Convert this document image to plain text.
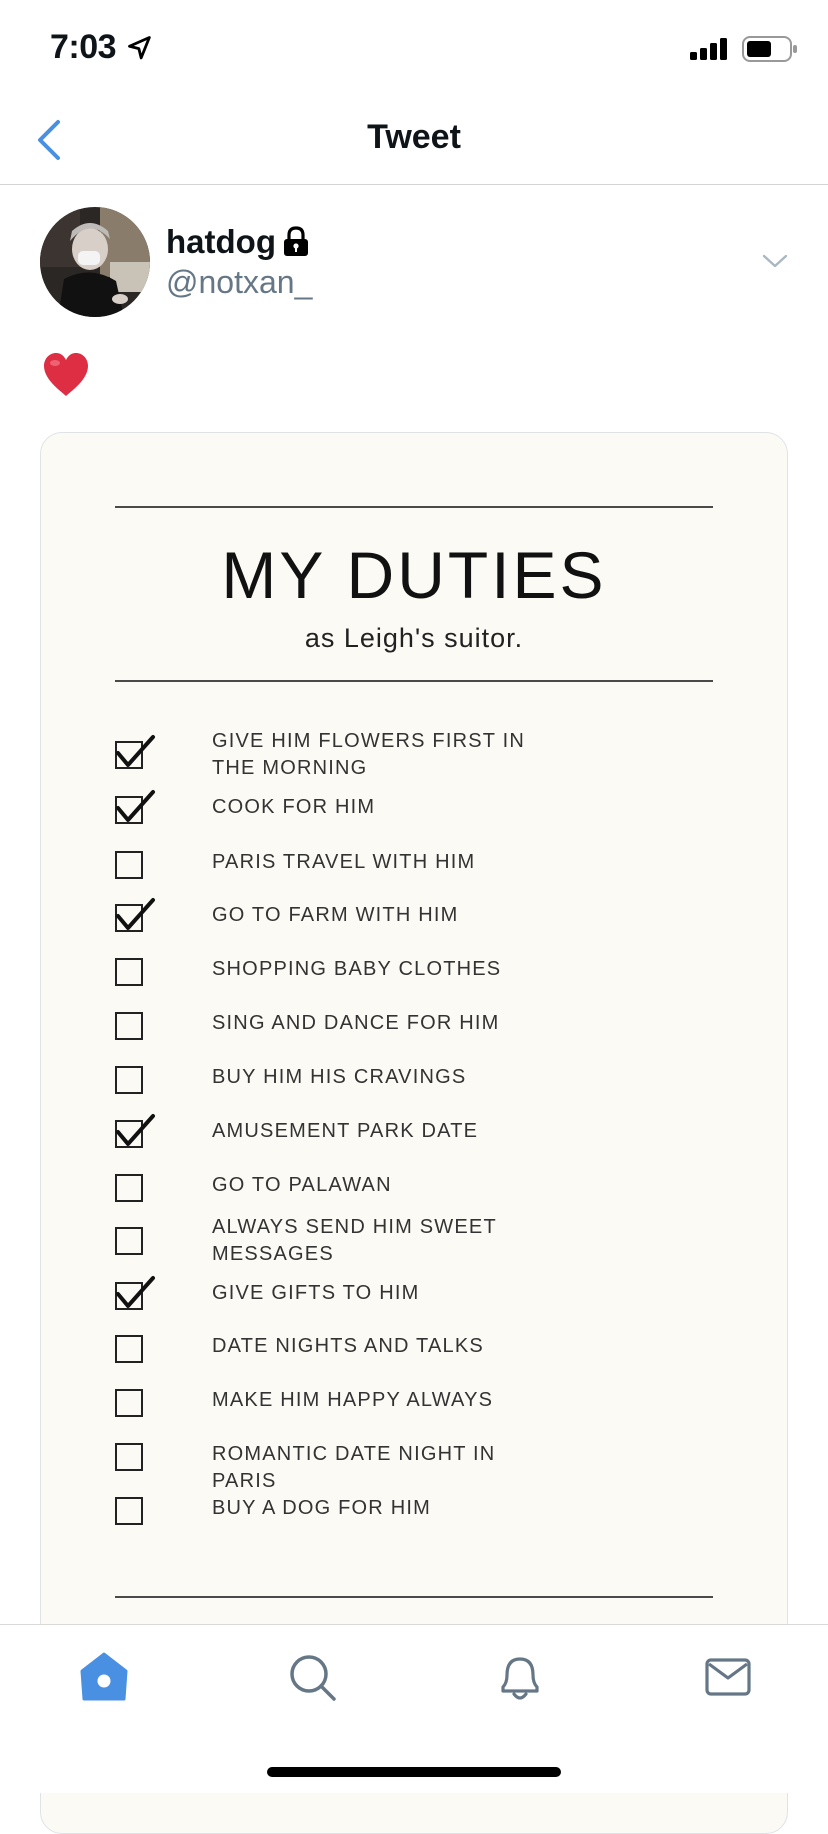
7:03
Tweet
hatdog
@notxan_
MY DUTIES
as Leigh's suitor.
GIVE HIM FLOWERS FIRST IN THE MORNING
COOK FOR HIM
PARIS TRAVEL WITH HIM
GO TO FARM WITH HIM
SHOPPING BABY CLOTHES
SING AND DANCE FOR HIM
BUY HIM HIS CRAVINGS
AMUSEMENT PARK DATE
GO TO PALAWAN
ALWAYS SEND HIM SWEET MESSAGES
GIVE GIFTS TO HIM
DATE NIGHTS AND TALKS
MAKE HIM HAPPY ALWAYS
ROMANTIC DATE NIGHT IN PARIS
BUY A DOG FOR HIM
